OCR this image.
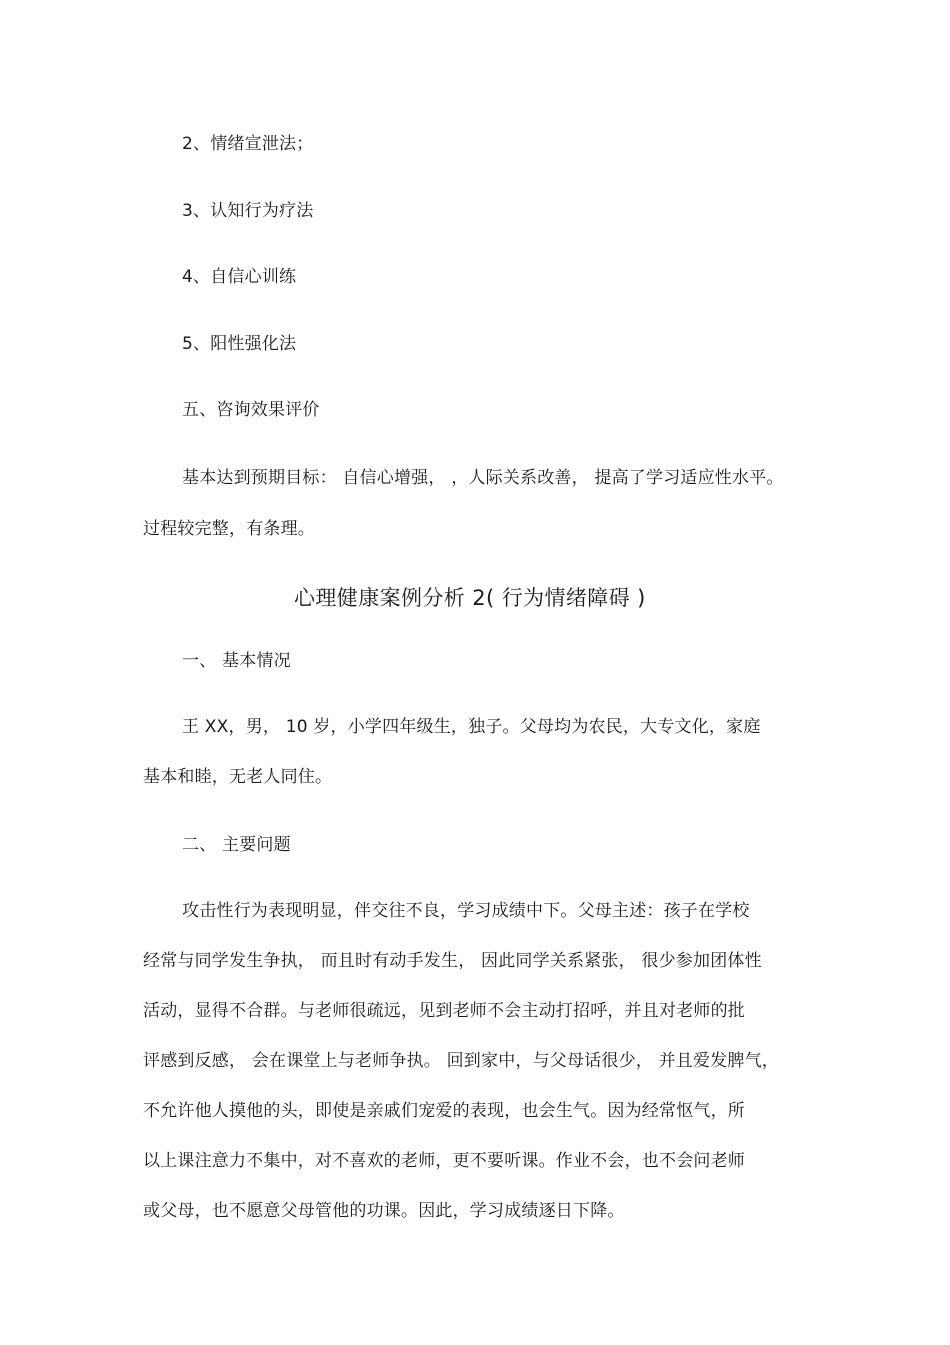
2、情绪宣泄法；
3、认知行为疗法
4、自信心训练
5、阳性强化法
五、咨询效果评价
基本达到预期目标： 自信心增强， ，人际关系改善， 提高了学习适应性水平。
过程较完整，有条理。
心理健康案例分析 2( 行为情绪障碍 )
一、 基本情况
王 XX，男， 10 岁，小学四年级生，独子。父母均为农民，大专文化，家庭
基本和睦，无老人同住。
二、 主要问题
攻击性行为表现明显，伴交往不良，学习成绩中下。父母主述：孩子在学校
经常与同学发生争执， 而且时有动手发生， 因此同学关系紧张， 很少参加团体性
活动，显得不合群。与老师很疏远，见到老师不会主动打招呼，并且对老师的批
评感到反感， 会在课堂上与老师争执。 回到家中，与父母话很少， 并且爱发脾气，
不允许他人摸他的头，即使是亲戚们宠爱的表现，也会生气。因为经常怄气，所
以上课注意力不集中，对不喜欢的老师，更不要听课。作业不会，也不会问老师
或父母，也不愿意父母管他的功课。因此，学习成绩逐日下降。
